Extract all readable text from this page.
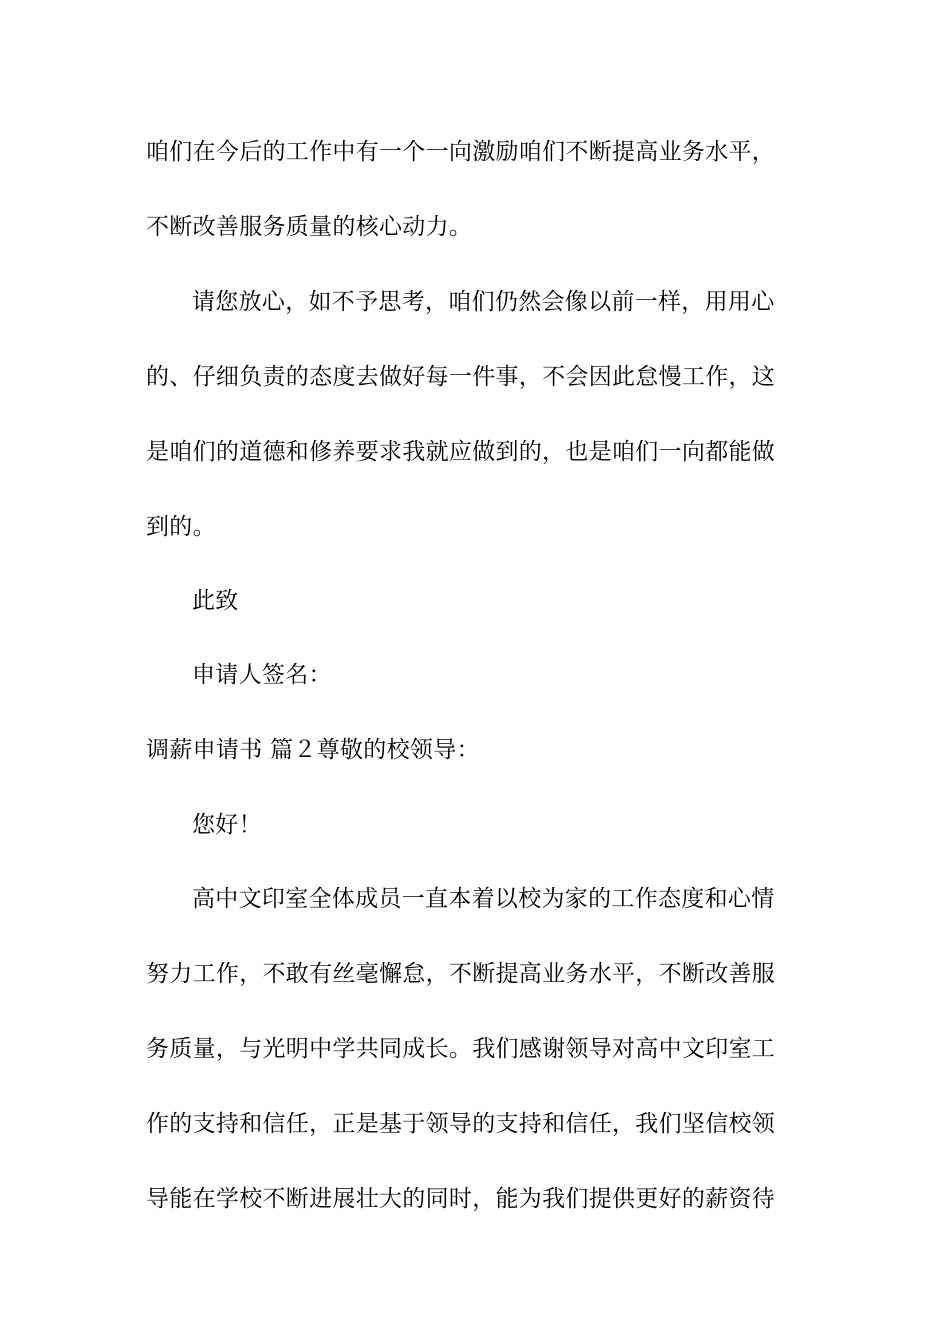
咱们在今后的工作中有一个一向激励咱们不断提高业务水平，
不断改善服务质量的核心动力。
请您放心，如不予思考，咱们仍然会像以前一样，用用心
的、仔细负责的态度去做好每一件事，不会因此怠慢工作，这
是咱们的道德和修养要求我就应做到的，也是咱们一向都能做
到的。
此致
申请人签名：
调薪申请书 篇２尊敬的校领导：
您好！
高中文印室全体成员一直本着以校为家的工作态度和心情
努力工作，不敢有丝毫懈怠，不断提高业务水平，不断改善服
务质量，与光明中学共同成长。我们感谢领导对高中文印室工
作的支持和信任，正是基于领导的支持和信任，我们坚信校领
导能在学校不断进展壮大的同时，能为我们提供更好的薪资待
